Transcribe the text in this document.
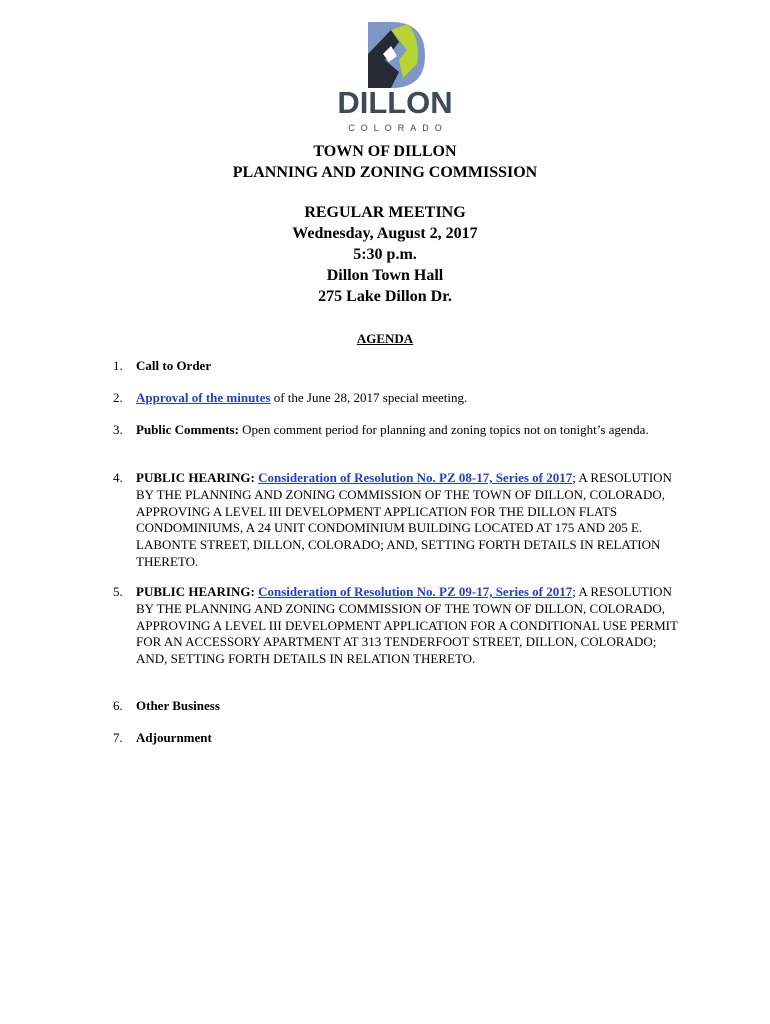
DILLON
COLORADO
TOWN OF DILLON
PLANNING AND ZONING COMMISSION
REGULAR MEETING
Wednesday, August 2, 2017
5:30 p.m.
Dillon Town Hall
275 Lake Dillon Dr.
AGENDA
1. Call to Order
2. Approval of the minutes of the June 28, 2017 special meeting.
3. Public Comments: Open comment period for planning and zoning topics not on tonight’s agenda.
4. PUBLIC HEARING: Consideration of Resolution No. PZ 08-17, Series of 2017; A RESOLUTION BY THE PLANNING AND ZONING COMMISSION OF THE TOWN OF DILLON, COLORADO, APPROVING A LEVEL III DEVELOPMENT APPLICATION FOR THE DILLON FLATS CONDOMINIUMS, A 24 UNIT CONDOMINIUM BUILDING LOCATED AT 175 AND 205 E. LABONTE STREET, DILLON, COLORADO; AND, SETTING FORTH DETAILS IN RELATION THERETO.
5. PUBLIC HEARING: Consideration of Resolution No. PZ 09-17, Series of 2017; A RESOLUTION BY THE PLANNING AND ZONING COMMISSION OF THE TOWN OF DILLON, COLORADO, APPROVING A LEVEL III DEVELOPMENT APPLICATION FOR A CONDITIONAL USE PERMIT FOR AN ACCESSORY APARTMENT AT 313 TENDERFOOT STREET, DILLON, COLORADO; AND, SETTING FORTH DETAILS IN RELATION THERETO.
6. Other Business
7. Adjournment
